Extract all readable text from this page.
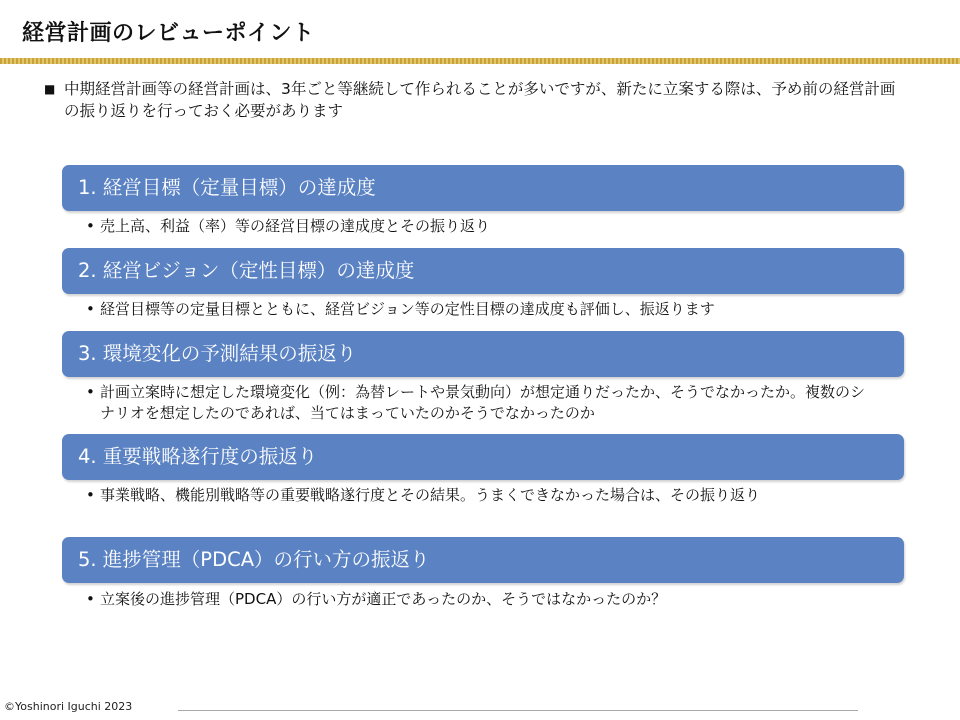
経営計画のレビューポイント
■ 中期経営計画等の経営計画は、3年ごと等継続して作られることが多いですが、新たに立案する際は、予め前の経営計画の振り返りを行っておく必要があります
1. 経営目標（定量目標）の達成度
• 売上高、利益（率）等の経営目標の達成度とその振り返り
2. 経営ビジョン（定性目標）の達成度
• 経営目標等の定量目標とともに、経営ビジョン等の定性目標の達成度も評価し、振返ります
3. 環境変化の予測結果の振返り
• 計画立案時に想定した環境変化（例：為替レートや景気動向）が想定通りだったか、そうでなかったか。複数のシナリオを想定したのであれば、当てはまっていたのかそうでなかったのか
4. 重要戦略遂行度の振返り
• 事業戦略、機能別戦略等の重要戦略遂行度とその結果。うまくできなかった場合は、その振り返り
5. 進捗管理（PDCA）の行い方の振返り
• 立案後の進捗管理（PDCA）の行い方が適正であったのか、そうではなかったのか？
©Yoshinori Iguchi 2023
